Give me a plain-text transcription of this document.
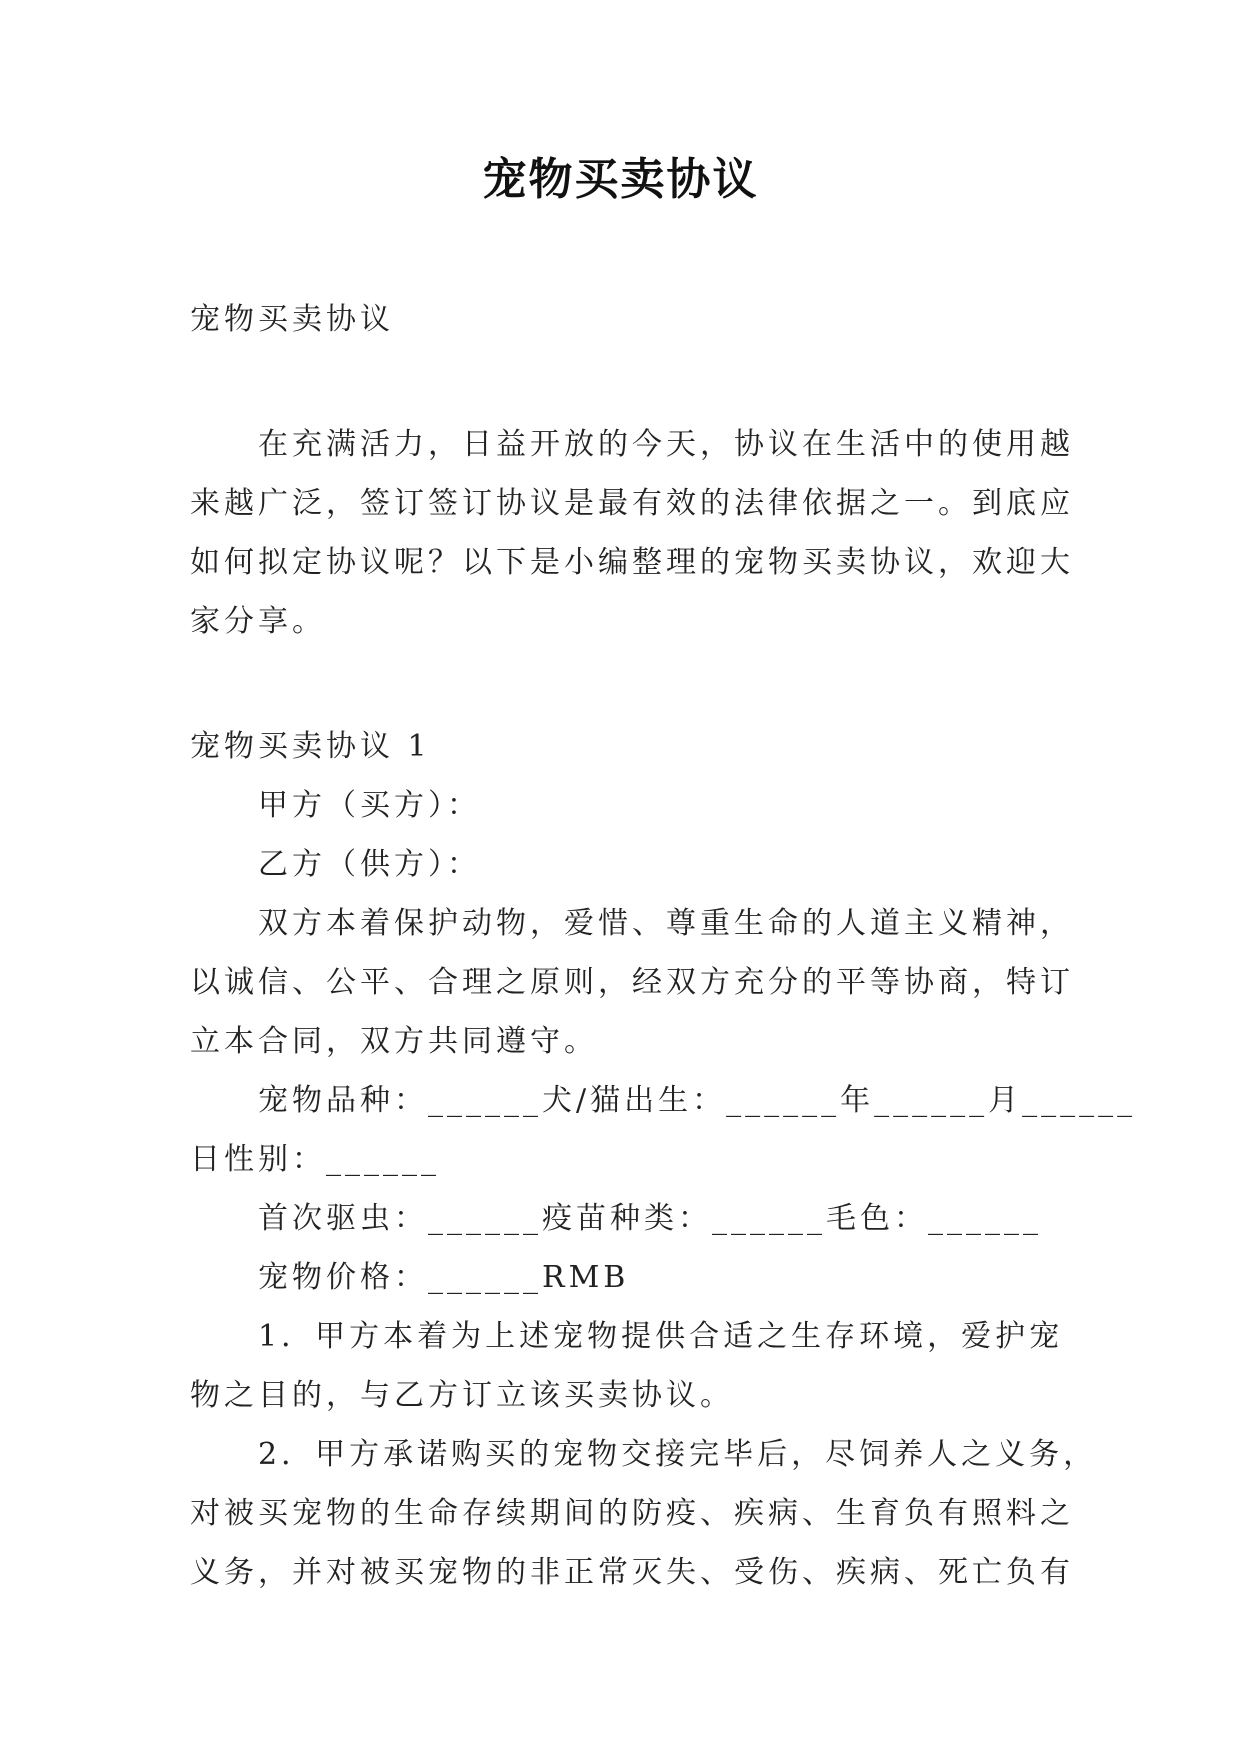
宠物买卖协议
宠物买卖协议
在充满活力，日益开放的今天，协议在生活中的使用越
来越广泛，签订签订协议是最有效的法律依据之一。到底应
如何拟定协议呢？以下是小编整理的宠物买卖协议，欢迎大
家分享。
宠物买卖协议 1
甲方（买方）：
乙方（供方）：
双方本着保护动物，爱惜、尊重生命的人道主义精神，
以诚信、公平、合理之原则，经双方充分的平等协商，特订
立本合同，双方共同遵守。
宠物品种：______犬/猫出生：______年______月______
日性别：______
首次驱虫：______疫苗种类：______毛色：______
宠物价格：______RMB
1．甲方本着为上述宠物提供合适之生存环境，爱护宠
物之目的，与乙方订立该买卖协议。
2．甲方承诺购买的宠物交接完毕后，尽饲养人之义务，
对被买宠物的生命存续期间的防疫、疾病、生育负有照料之
义务，并对被买宠物的非正常灭失、受伤、疾病、死亡负有
